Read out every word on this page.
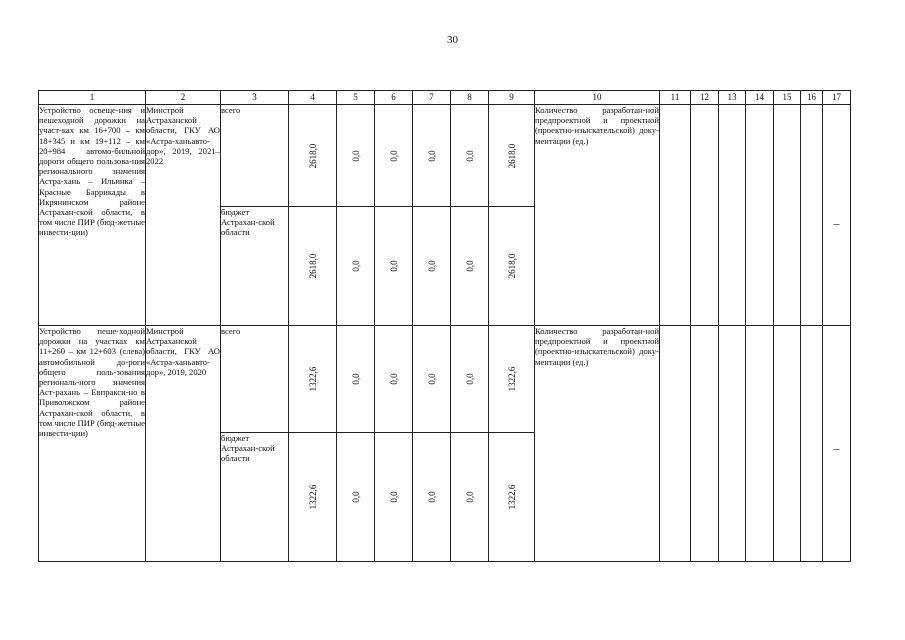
30
1	2	3	4	5	6	7	8	9	10	11	12	13	14	15	16	17
Устройство освеще-ния и пешеходной дорожки на участ-ках км 16+700 – км 18+345 и км 19+112 – км 20+984 автомо-бильной дороги общего пользова-ния регионального значения Астра-хань – Ильинка – Красные Баррикады в Икрянинском районе Астрахан-ской области, в том числе ПИР (бюд-жетные инвести-ции)	Минстрой Астраханской области, ГКУ АО «Астра-ханьавто-дор», 2019, 2021–2022	всего	2618,0	0,0	0,0	0,0	0,0	2618,0	Количество разработан-ной предпроектной и проектной (проектно-изыскательской) доку-ментации (ед.)							–

		бюджет Астрахан-ской области	2618,0	0,0	0,0	0,0	0,0	2618,0								

Устройство пеше-ходной дорожки на участках км 11+260 – км 12+603 (слева) автомобильной до-роги общего поль-зования региональ-ного значения Аст-рахань – Евпракси-но в Приволжском районе Астрахан-ской области, в том числе ПИР (бюд-жетные инвести-ции)	Минстрой Астраханской области, ГКУ АО «Астра-ханьавто-дор», 2019, 2020	всего	1322,6	0,0	0,0	0,0	0,0	1322,6	Количество разработан-ной предпроектной и проектной (проектно-изыскательской) доку-ментации (ед.)							–

		бюджет Астрахан-ской области	1322,6	0,0	0,0	0,0	0,0	1322,6								
